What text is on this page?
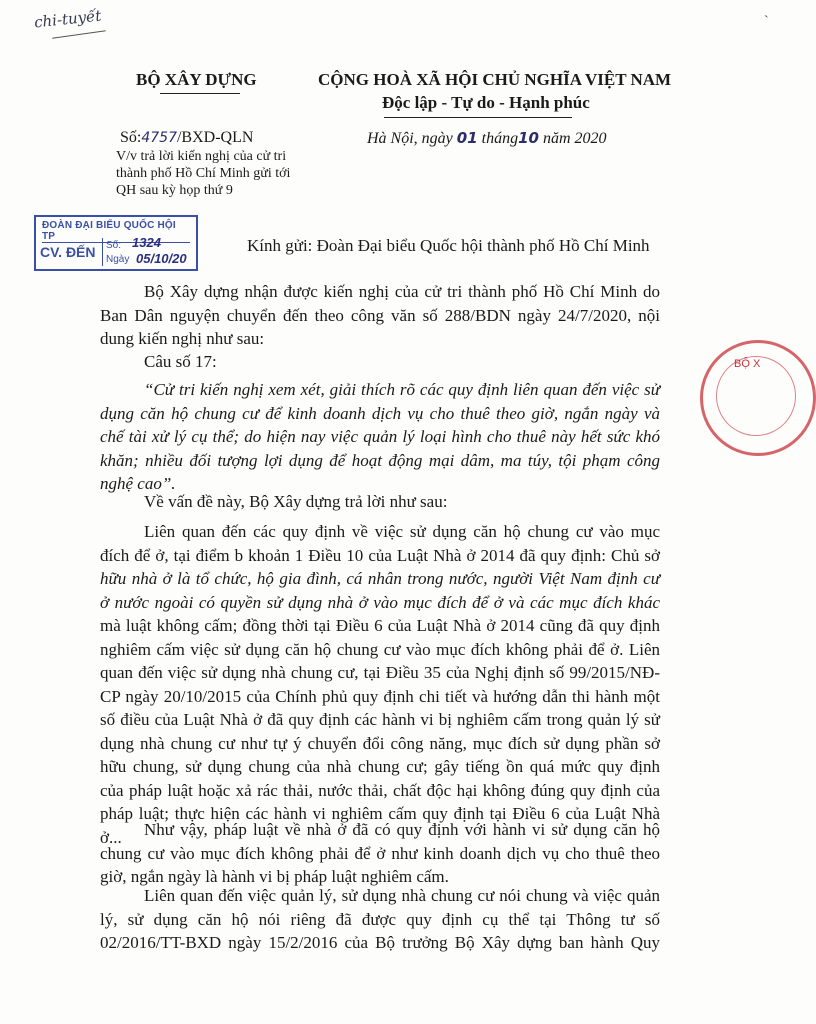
chi-tuyết	`
BỘ XÂY DỰNG	CỘNG HOÀ XÃ HỘI CHỦ NGHĨA VIỆT NAM
Độc lập - Tự do - Hạnh phúc
Số:4757/BXD-QLN	Hà Nội, ngày 01 tháng10 năm 2020
V/v trả lời kiến nghị của cử tri
thành phố Hồ Chí Minh gửi tới
QH sau kỳ họp thứ 9
ĐOÀN ĐẠI BIỂU QUỐC HỘI TP
CV. ĐẾN Số: 1324
Ngày 05/10/20
Kính gửi: Đoàn Đại biểu Quốc hội thành phố Hồ Chí Minh
Bộ Xây dựng nhận được kiến nghị của cử tri thành phố Hồ Chí Minh do
Ban Dân nguyện chuyển đến theo công văn số 288/BDN ngày 24/7/2020, nội
dung kiến nghị như sau:
Câu số 17:
“Cử tri kiến nghị xem xét, giải thích rõ các quy định liên quan đến việc sử
dụng căn hộ chung cư để kinh doanh dịch vụ cho thuê theo giờ, ngắn ngày và
chế tài xử lý cụ thể; do hiện nay việc quản lý loại hình cho thuê này hết sức khó
khăn; nhiều đối tượng lợi dụng để hoạt động mại dâm, ma túy, tội phạm công
nghệ cao”.
Về vấn đề này, Bộ Xây dựng trả lời như sau:
Liên quan đến các quy định về việc sử dụng căn hộ chung cư vào mục
đích để ở, tại điểm b khoản 1 Điều 10 của Luật Nhà ở 2014 đã quy định: Chủ sở
hữu nhà ở là tổ chức, hộ gia đình, cá nhân trong nước, người Việt Nam định cư
ở nước ngoài có quyền sử dụng nhà ở vào mục đích để ở và các mục đích khác
mà luật không cấm; đồng thời tại Điều 6 của Luật Nhà ở 2014 cũng đã quy định
nghiêm cấm việc sử dụng căn hộ chung cư vào mục đích không phải để ở. Liên
quan đến việc sử dụng nhà chung cư, tại Điều 35 của Nghị định số 99/2015/NĐ-
CP ngày 20/10/2015 của Chính phủ quy định chi tiết và hướng dẫn thi hành một
số điều của Luật Nhà ở đã quy định các hành vi bị nghiêm cấm trong quản lý sử
dụng nhà chung cư như tự ý chuyển đổi công năng, mục đích sử dụng phần sở
hữu chung, sử dụng chung của nhà chung cư; gây tiếng ồn quá mức quy định
của pháp luật hoặc xả rác thải, nước thải, chất độc hại không đúng quy định của
pháp luật; thực hiện các hành vi nghiêm cấm quy định tại Điều 6 của Luật Nhà
ở...	Như vậy, pháp luật về nhà ở đã có quy định với hành vi sử dụng căn hộ
chung cư vào mục đích không phải để ở như kinh doanh dịch vụ cho thuê theo
giờ, ngắn ngày là hành vi bị pháp luật nghiêm cấm.
Liên quan đến việc quản lý, sử dụng nhà chung cư nói chung và việc quản
lý, sử dụng căn hộ nói riêng đã được quy định cụ thể tại Thông tư số
02/2016/TT-BXD ngày 15/2/2016 của Bộ trưởng Bộ Xây dựng ban hành Quy
BỘ X
